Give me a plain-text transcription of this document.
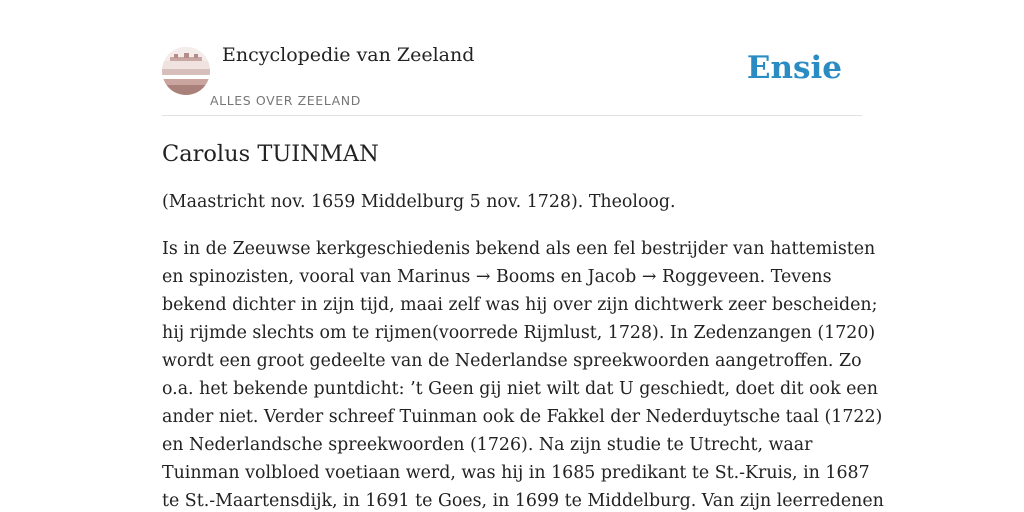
Encyclopedie van Zeeland
ALLES OVER ZEELAND
Ensie
Carolus TUINMAN

(Maastricht nov. 1659 Middelburg 5 nov. 1728). Theoloog.

Is in de Zeeuwse kerkgeschiedenis bekend als een fel bestrijder van hattemisten
en spinozisten, vooral van Marinus → Booms en Jacob → Roggeveen. Tevens
bekend dichter in zijn tijd, maai zelf was hij over zijn dichtwerk zeer bescheiden;
hij rijmde slechts om te rijmen(voorrede Rijmlust, 1728). In Zedenzangen (1720)
wordt een groot gedeelte van de Nederlandse spreekwoorden aangetroffen. Zo
o.a. het bekende puntdicht: ’t Geen gij niet wilt dat U geschiedt, doet dit ook een
ander niet. Verder schreef Tuinman ook de Fakkel der Nederduytsche taal (1722)
en Nederlandsche spreekwoorden (1726). Na zijn studie te Utrecht, waar
Tuinman volbloed voetiaan werd, was hij in 1685 predikant te St.-Kruis, in 1687
te St.-Maartensdijk, in 1691 te Goes, in 1699 te Middelburg. Van zijn leerredenen
